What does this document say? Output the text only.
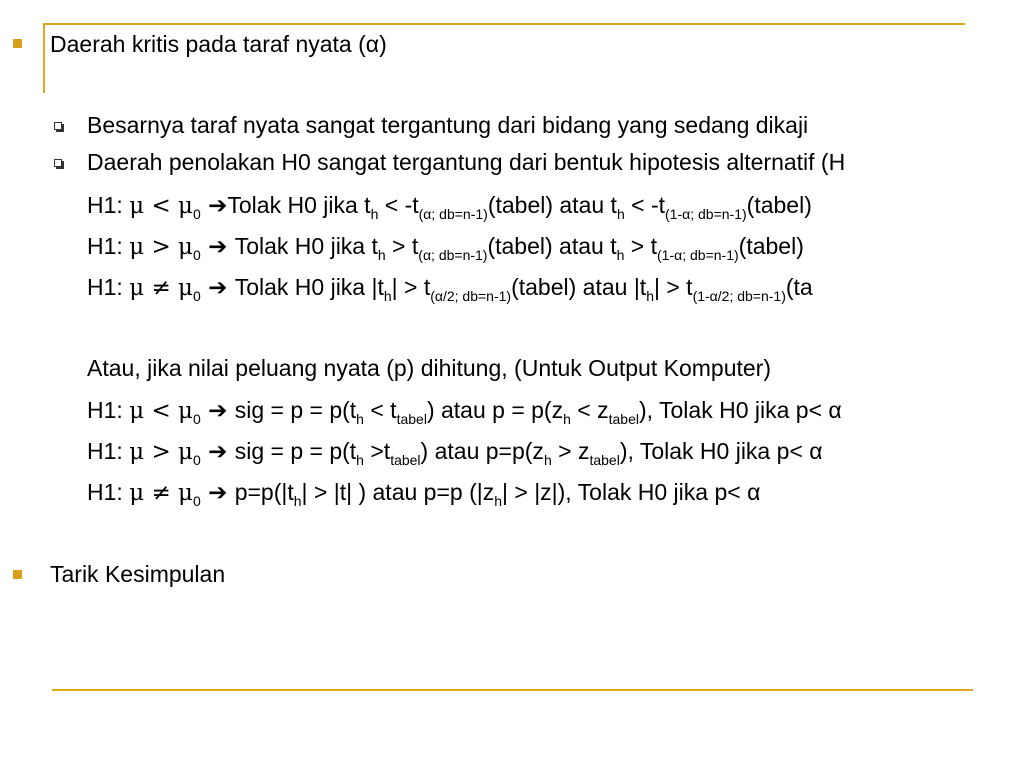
Daerah kritis pada taraf nyata (α)
Besarnya taraf nyata sangat tergantung dari bidang yang sedang dikaji
Daerah penolakan H0 sangat tergantung dari bentuk hipotesis alternatif (H
H1: $\mu < \mu_0$ ➔Tolak H0 jika $t_h$ < $-t_{(\alpha; db=n-1)}(tabel)$ atau $t_h$ < $-t_{(1-\alpha; db=n-1)}(tabel)$
H1: $\mu > \mu_0$ ➔ Tolak H0 jika $t_h$ > $t_{(\alpha; db=n-1)}(tabel)$ atau $t_h$ > $t_{(1-\alpha; db=n-1)}(tabel)$
H1: $\mu \ne \mu_0$ ➔ Tolak H0 jika $|t_h|$ > $t_{(\alpha/2; db=n-1)}(tabel)$ atau $|t_h| > t_{(1-\alpha/2; db=n-1)}(ta$
Atau, jika nilai peluang nyata (p) dihitung, (Untuk Output Komputer)
H1: $\mu < \mu_0$ ➔ sig = $p = p(t_h < t_{tabel})$ atau $p = p(z_h < z_{tabel})$, Tolak H0 jika p< α
H1: $\mu > \mu_0$ ➔ sig = $p = p(t_h >t_{tabel})$ atau $p=p(z_h > z_{tabel})$, Tolak H0 jika p< α
H1: $\mu \ne \mu_0$ ➔ $p=p(|t_h| > |t|$ ) atau p=p $(|z_h| > |z|)$, Tolak H0 jika p< α
Tarik Kesimpulan
